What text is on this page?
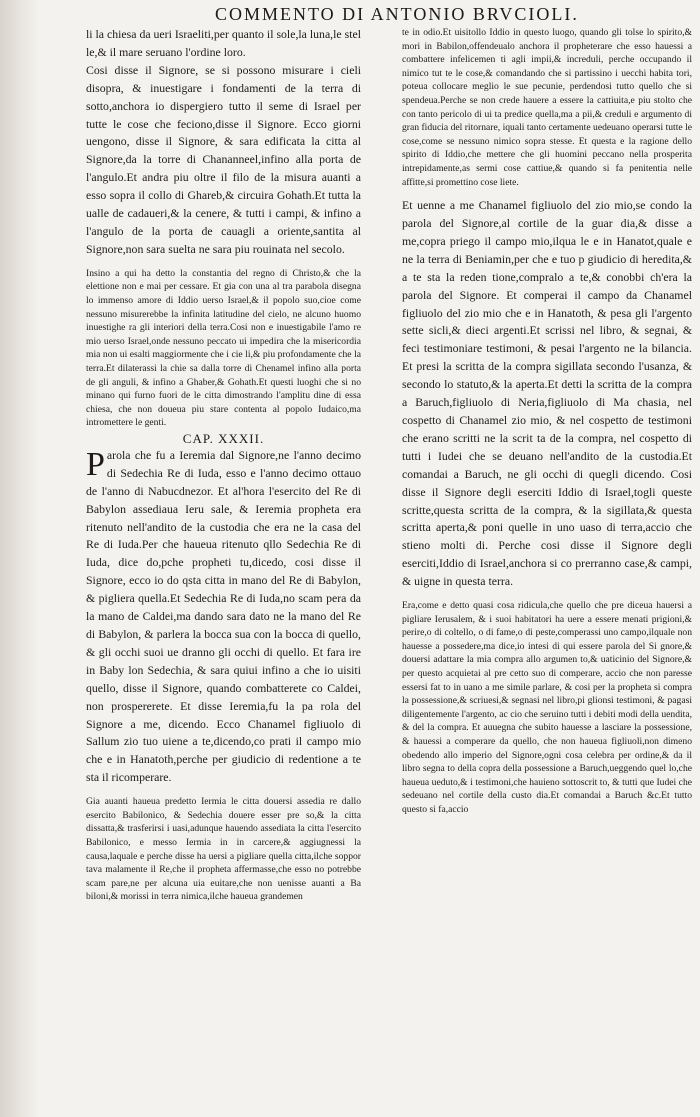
COMMENTO DI ANTONIO BRVCIOLI.

li la chiesa da ueri Israeliti,per quanto il sole,la luna,le stel le,& il mare seruano l'ordine loro.

Cosi disse il Signore, se si possono misurare i cieli disopra, & inuestigare i fondamenti de la terra di sotto,anchora io dispergiero tutto il seme di Israel per tutte le cose che feciono,disse il Signore. Ecco giorni uengono, disse il Signore, & sara edificata la citta al Signore,da la torre di Chananneel,infino alla porta de l'angulo.Et andra piu oltre il filo de la misura auanti a esso sopra il collo di Ghareb,& circuira Gohath.Et tutta la ualle de cadaueri,& la cenere, & tutti i campi, & infino a l'angulo de la porta de cauagli a oriente,santita al Signore,non sara suelta ne sara piu rouinata nel secolo.

Insino a qui ha detto la constantia del regno di Christo,& che la elettione non e mai per cessare. Et gia con una al tra parabola disegna lo immenso amore di Iddio uerso Israel,& il popolo suo,cioe come nessuno misurerebbe la infinita latitudine del cielo, ne alcuno huomo inuestighe ra gli interiori della terra.Cosi non e inuestigabile l'amo re mio uerso Israel,onde nessuno peccato ui impedira che la misericordia mia non ui esalti maggiormente che i cie li,& piu profondamente che la terra.Et dilaterassi la chie sa dalla torre di Chenamel infino alla porta de gli anguli, & infino a Ghaber,& Gohath.Et questi luoghi che si no minano qui furno fuori de le citta dimostrando l'amplitu dine di essa chiesa, che non doueua piu stare contenta al popolo Iudaico,ma intromettere le genti.

CAP. XXXII.

Parola che fu a Ieremia dal Signore,ne l'anno decimo di Sedechia Re di Iuda, esso e l'anno decimo ottauo de l'anno di Nabucdnezor. Et al'hora l'esercito del Re di Babylon assediaua Ieru sale, & Ieremia propheta era ritenuto nell'andito de la custodia che era ne la casa del Re di Iuda.Per che haueua ritenuto qllo Sedechia Re di Iuda, dice do,pche propheti tu,dicedo, cosi disse il Signore, ecco io do qsta citta in mano del Re di Babylon, & pigliera quella.Et Sedechia Re di Iuda,no scam pera da la mano de Caldei,ma dando sara dato ne la mano del Re di Babylon, & parlera la bocca sua con la bocca di quello, & gli occhi suoi ue dranno gli occhi di quello. Et fara ire in Baby lon Sedechia, & sara quiui infino a che io uisiti quello, disse il Signore, quando combatterete co Caldei, non prospererete. Et disse Ieremia,fu la pa rola del Signore a me, dicendo. Ecco Chanamel figliuolo di Sallum zio tuo uiene a te,dicendo,co prati il campo mio che e in Hanatoth,perche per giudicio di redentione a te sta il ricomperare.

Gia auanti haueua predetto Iermia le citta douersi assedia re dallo esercito Babilonico, & Sedechia douere esser pre so,& la citta dissatta,& trasferirsi i uasi,adunque hauendo assediata la citta l'esercito Babilonico, e messo Iermia in in carcere,& aggiugnessi la causa,laquale e perche disse ha uersi a pigliare quella citta,ilche soppor tava malamente il Re,che il propheta affermasse,che esso no potrebbe scam pare,ne per alcuna uia euitare,che non uenisse auanti a Ba biloni,& morissi in terra nimica,ilche haueua grandemen

te in odio.Et uisitollo Iddio in questo luogo, quando gli tolse lo spirito,& mori in Babilon,offendeualo anchora il propheterare che esso hauessi a combattere infelicemen ti agli impii,& increduli, perche occupando il nimico tut te le cose,& comandando che si partissino i uecchi habita tori, poteua collocare meglio le sue pecunie, perdendosi tutto quello che si spendeua.Perche se non crede hauere a essere la cattiuita,e piu stolto che con tanto pericolo di ui ta predice quella,ma a pii,& creduli e argumento di gran fiducia del ritornare, iquali tanto certamente uedeuano operarsi tutte le cose,come se nessuno nimico sopra stesse. Et questa e la ragione dello spirito di Iddio,che mettere che gli huomini peccano nella prosperita intrepidamente,as sermi cose cattiue,& quando si fa penitentia nelle affitte,si promettino cose liete.

Et uenne a me Chanamel figliuolo del zio mio,se condo la parola del Signore,al cortile de la guar dia,& disse a me,copra priego il campo mio,ilqua le e in Hanatot,quale e ne la terra di Beniamin,per che e tuo p giudicio di heredita,& a te sta la reden tione,compralo a te,& conobbi ch'era la parola del Signore. Et comperai il campo da Chanamel figliuolo del zio mio che e in Hanatoth, & pesa gli l'argento sette sicli,& dieci argenti.Et scrissi nel libro, & segnai, & feci testimoniare testimoni, & pesai l'argento ne la bilancia. Et presi la scritta de la compra sigillata secondo l'usanza, & secondo lo statuto,& la aperta.Et detti la scritta de la compra a Baruch,figliuolo di Neria,figliuolo di Ma chasia, nel cospetto di Chanamel zio mio, & nel cospetto de testimoni che erano scritti ne la scrit ta de la compra, nel cospetto di tutti i Iudei che se deuano nell'andito de la custodia.Et comandai a Baruch, ne gli occhi di quegli dicendo. Cosi disse il Signore degli eserciti Iddio di Israel,togli queste scritte,questa scritta de la compra, & la sigillata,& questa scritta aperta,& poni quelle in uno uaso di terra,accio che stieno molti di. Perche cosi disse il Signore degli eserciti,Iddio di Israel,anchora si co prerranno case,& campi, & uigne in questa terra.

Era,come e detto quasi cosa ridicula,che quello che pre diceua hauersi a pigliare Ierusalem, & i suoi habitatori ha uere a essere menati prigioni,& perire,o di coltello, o di fame,o di peste,comperassi uno campo,ilquale non hauesse a possedere,ma dice,io intesi di qui essere parola del Si gnore,& douersi adattare la mia compra allo argumen to,& uaticinio del Signore,& per questo acquietai al pre cetto suo di comperare, accio che non paresse essersi fat to in uano a me simile parlare, & cosi per la propheta si compra la possessione,& scriuesi,& segnasi nel libro,pi glionsi testimoni, & pagasi diligentemente l'argento, ac cio che seruino tutti i debiti modi della uendita, & del la compra. Et auuegna che subito hauesse a lasciare la possessione, & hauessi a comperare da quello, che non haueua figliuoli,non dimeno obedendo allo imperio del Signore,ogni cosa celebra per ordine,& da il libro segna to della copra della possessione a Baruch,ueggendo quel lo,che haueua ueduto,& i testimoni,che hauieno sottoscrit to, & tutti que Iudei che sedeuano nel cortile della custo dia.Et comandai a Baruch &c.Et tutto questo si fa,accio
